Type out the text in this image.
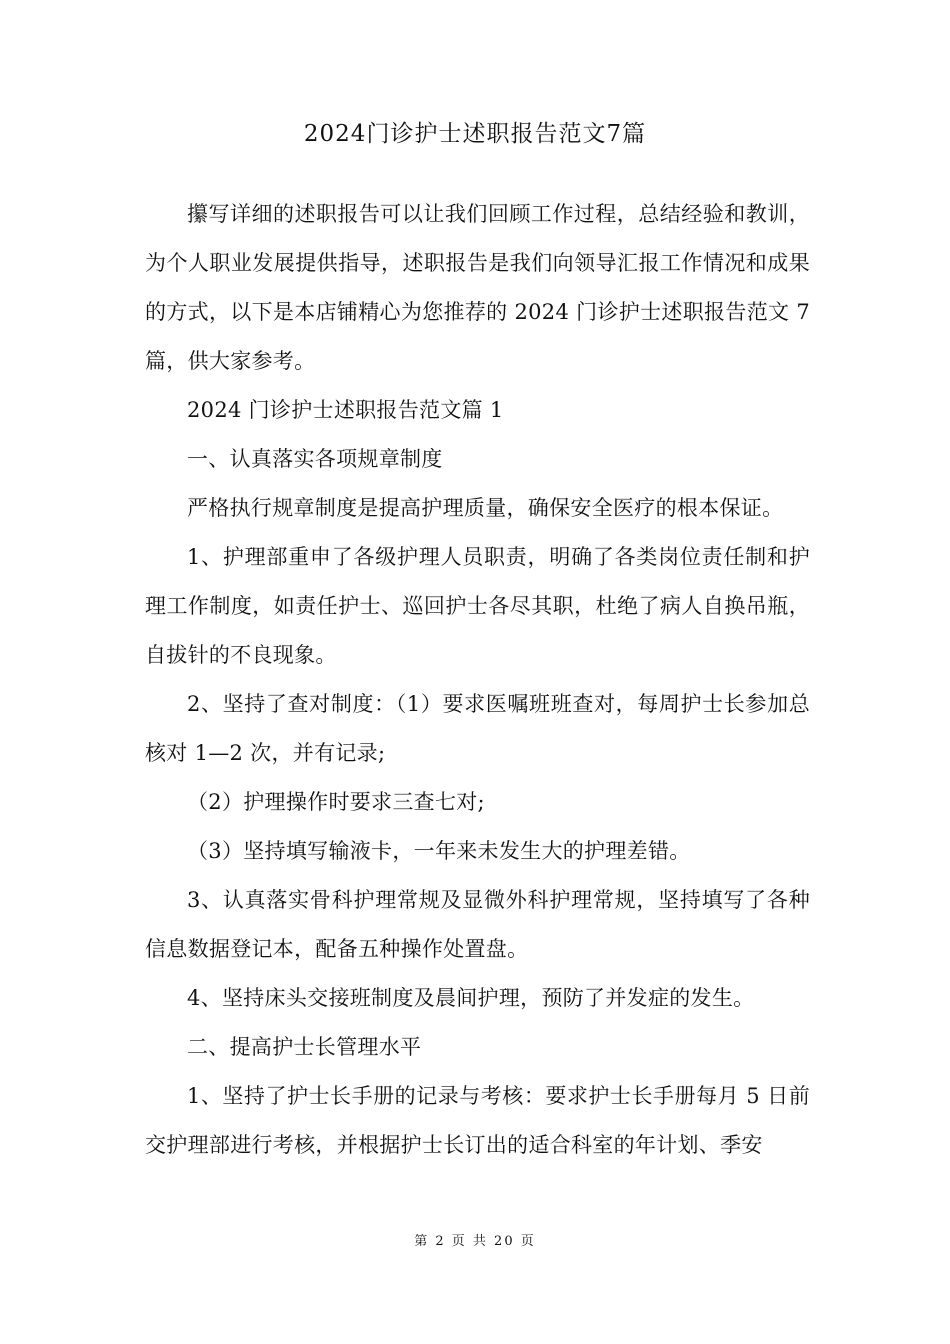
2024门诊护士述职报告范文7篇

攥写详细的述职报告可以让我们回顾工作过程，总结经验和教训，为个人职业发展提供指导，述职报告是我们向领导汇报工作情况和成果的方式，以下是本店铺精心为您推荐的 2024 门诊护士述职报告范文 7 篇，供大家参考。

2024 门诊护士述职报告范文篇 1

一、认真落实各项规章制度

严格执行规章制度是提高护理质量，确保安全医疗的根本保证。

1、护理部重申了各级护理人员职责，明确了各类岗位责任制和护理工作制度，如责任护士、巡回护士各尽其职，杜绝了病人自换吊瓶，自拔针的不良现象。

2、坚持了查对制度：（1）要求医嘱班班查对，每周护士长参加总核对 1—2 次，并有记录;

（2）护理操作时要求三查七对;

（3）坚持填写输液卡，一年来未发生大的护理差错。

3、认真落实骨科护理常规及显微外科护理常规，坚持填写了各种信息数据登记本，配备五种操作处置盘。

4、坚持床头交接班制度及晨间护理，预防了并发症的发生。

二、提高护士长管理水平

1、坚持了护士长手册的记录与考核：要求护士长手册每月 5 日前交护理部进行考核，并根据护士长订出的适合科室的年计划、季安

第 2 页 共 20 页
